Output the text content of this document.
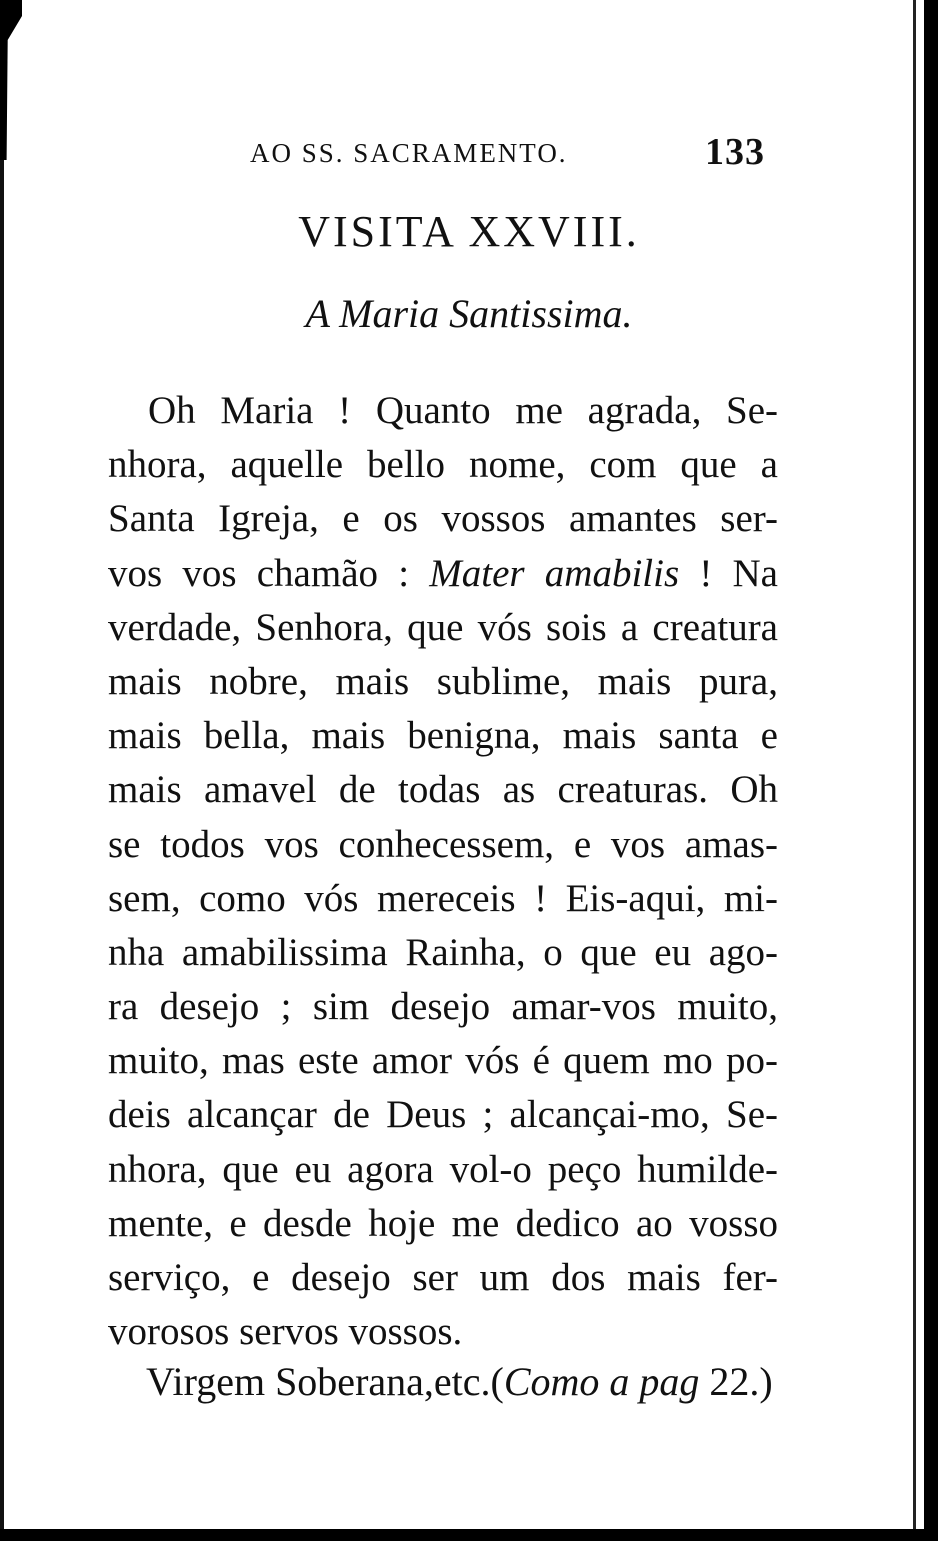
AO SS. SACRAMENTO.	133
VISITA XXVIII.
A Maria Santissima.
Oh Maria ! Quanto me agrada, Se-
nhora, aquelle bello nome, com que a
Santa Igreja, e os vossos amantes ser-
vos vos chamão : Mater amabilis ! Na
verdade, Senhora, que vós sois a creatura
mais nobre, mais sublime, mais pura,
mais bella, mais benigna, mais santa e
mais amavel de todas as creaturas. Oh
se todos vos conhecessem, e vos amas-
sem, como vós mereceis ! Eis-aqui, mi-
nha amabilissima Rainha, o que eu ago-
ra desejo ; sim desejo amar-vos muito,
muito, mas este amor vós é quem mo po-
deis alcançar de Deus ; alcançai-mo, Se-
nhora, que eu agora vol-o peço humilde-
mente, e desde hoje me dedico ao vosso
serviço, e desejo ser um dos mais fer-
vorosos servos vossos.
Virgem Soberana,etc.(Como a pag 22.)
